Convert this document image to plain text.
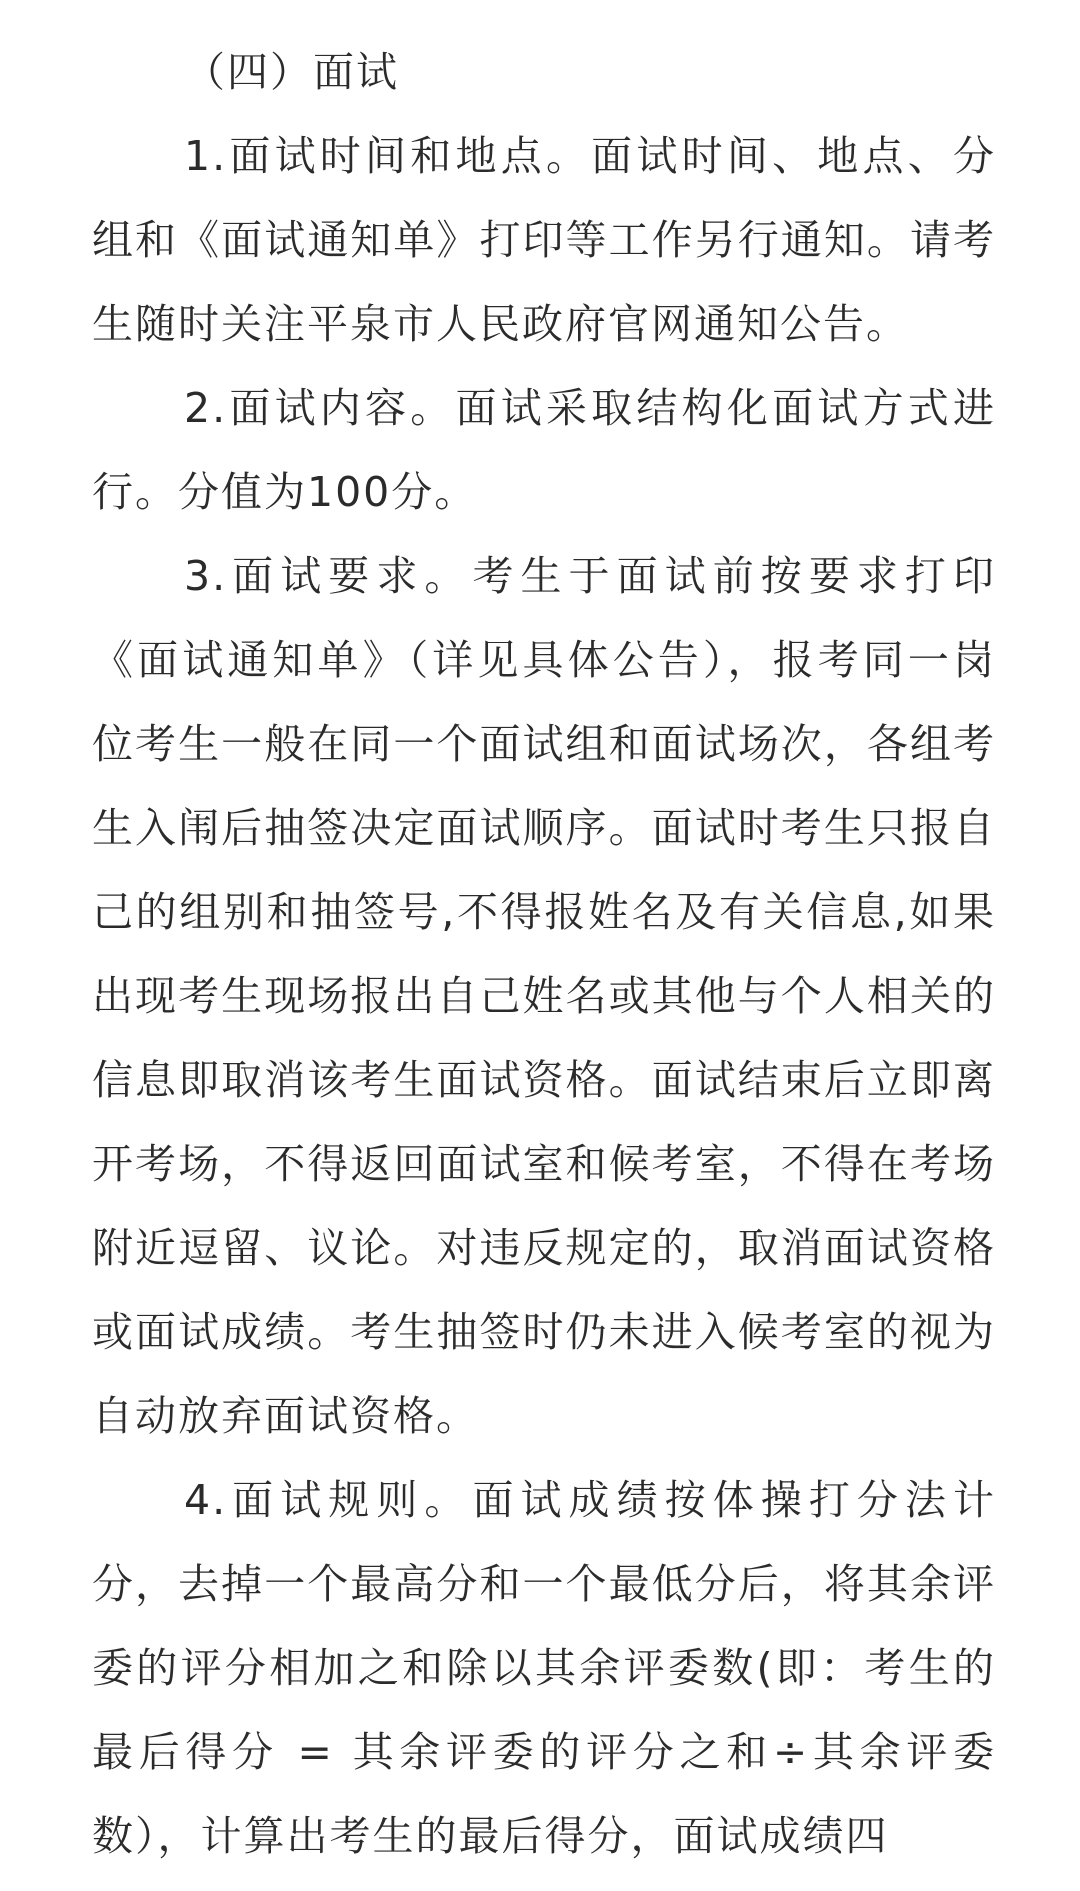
（四）面试

1.面试时间和地点。面试时间、地点、分组和《面试通知单》打印等工作另行通知。请考生随时关注平泉市人民政府官网通知公告。

2.面试内容。面试采取结构化面试方式进行。分值为100分。

3.面试要求。考生于面试前按要求打印《面试通知单》（详见具体公告），报考同一岗位考生一般在同一个面试组和面试场次，各组考生入闱后抽签决定面试顺序。面试时考生只报自己的组别和抽签号,不得报姓名及有关信息,如果出现考生现场报出自己姓名或其他与个人相关的信息即取消该考生面试资格。面试结束后立即离开考场，不得返回面试室和候考室，不得在考场附近逗留、议论。对违反规定的，取消面试资格或面试成绩。考生抽签时仍未进入候考室的视为自动放弃面试资格。

4.面试规则。面试成绩按体操打分法计分，去掉一个最高分和一个最低分后，将其余评委的评分相加之和除以其余评委数(即：考生的最后得分 = 其余评委的评分之和÷其余评委数），计算出考生的最后得分，面试成绩四
